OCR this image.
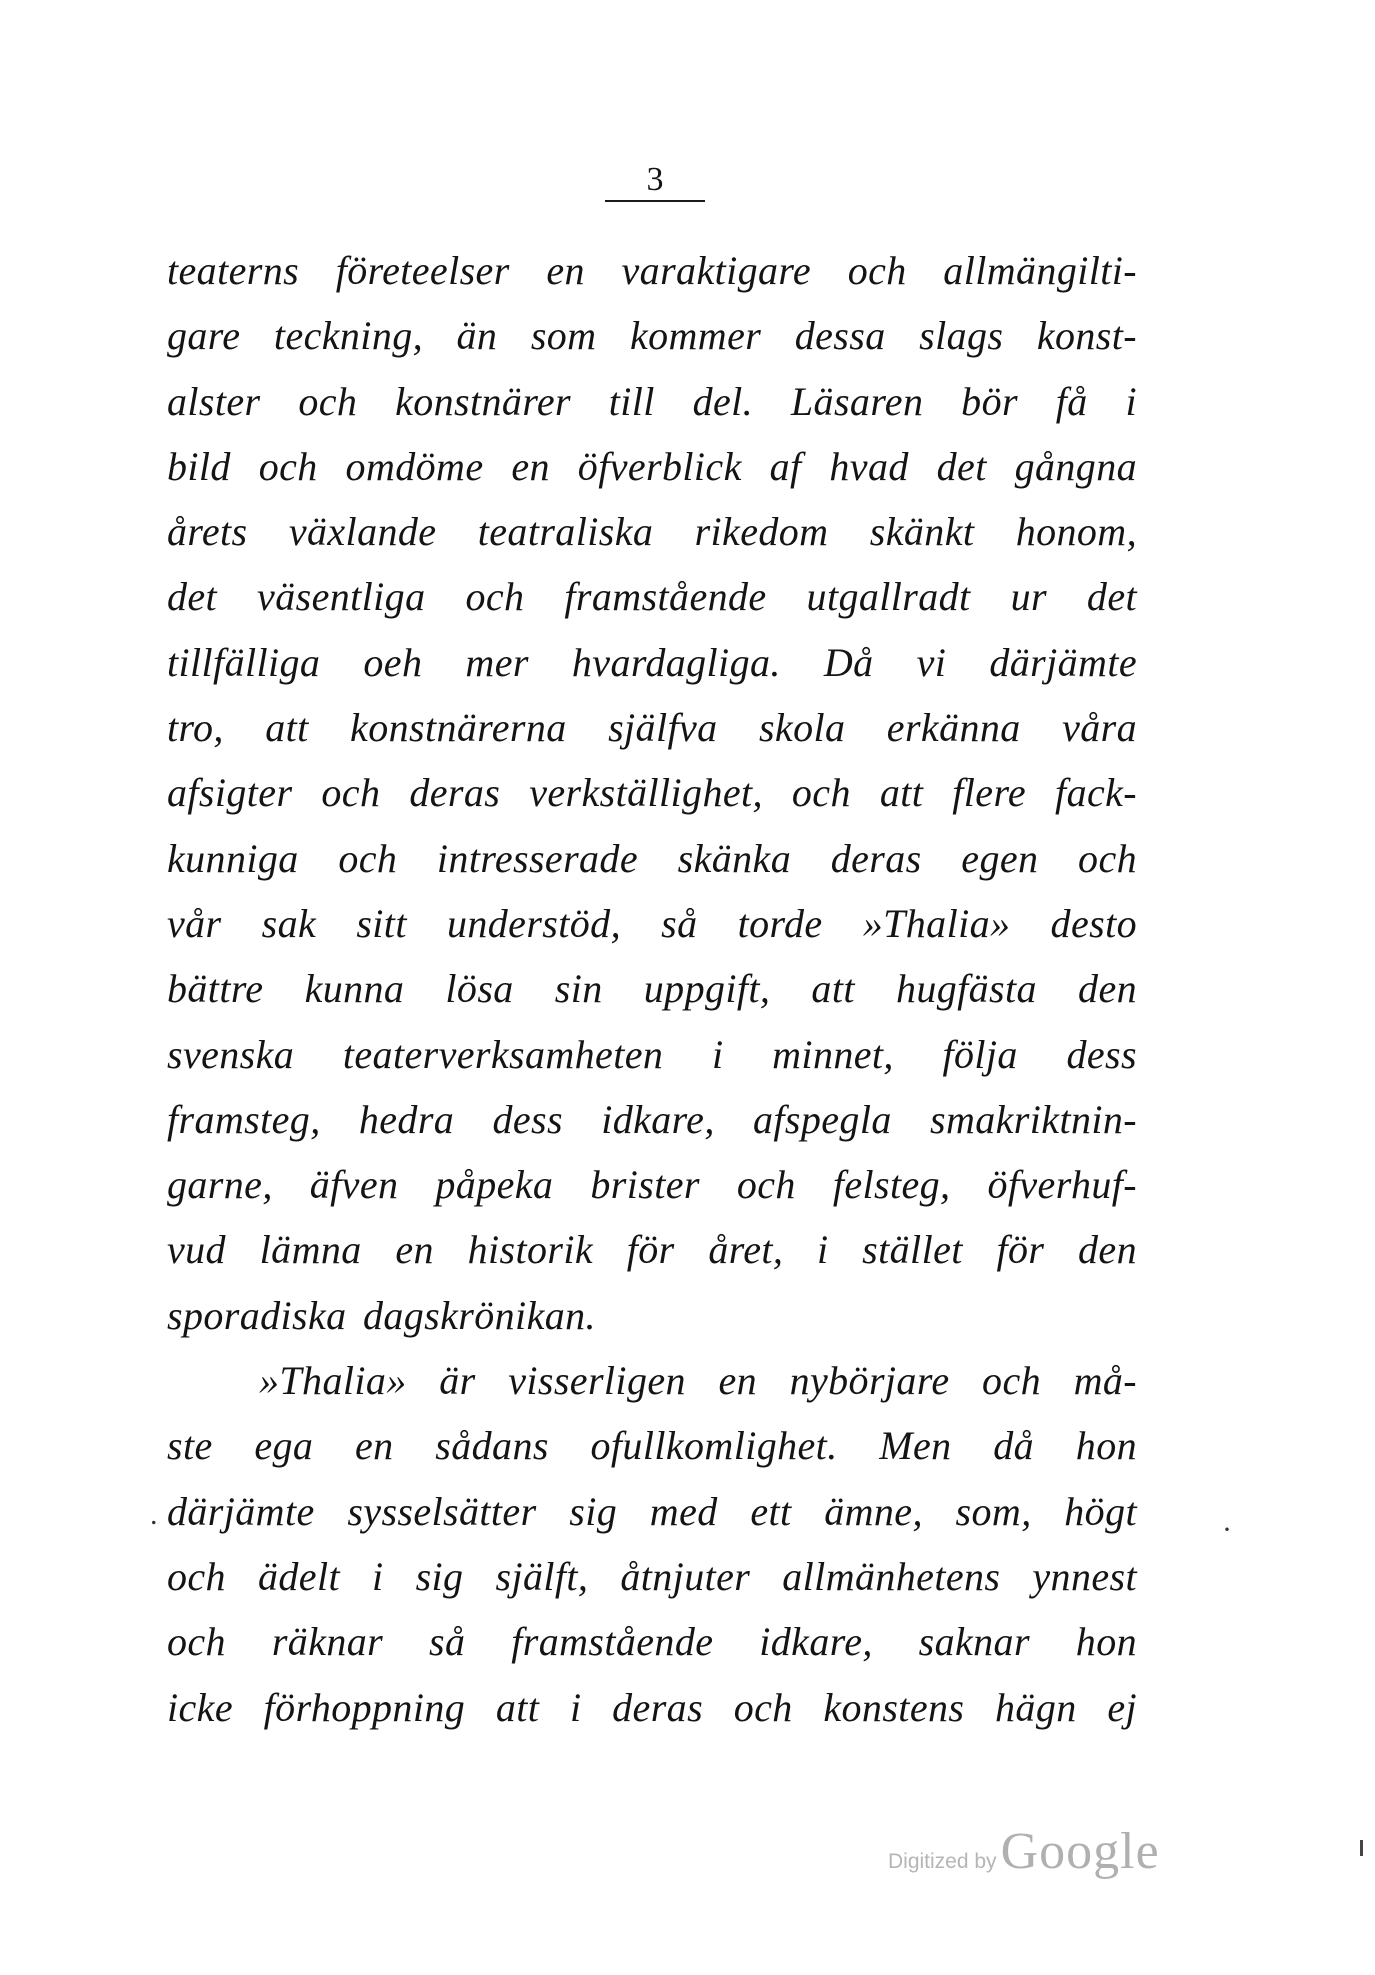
3
teaterns företeelser en varaktigare och allmängilti-
gare teckning, än som kommer dessa slags konst-
alster och konstnärer till del. Läsaren bör få i
bild och omdöme en öfverblick af hvad det gångna
årets växlande teatraliska rikedom skänkt honom,
det väsentliga och framstående utgallradt ur det
tillfälliga oeh mer hvardagliga. Då vi därjämte
tro, att konstnärerna själfva skola erkänna våra
afsigter och deras verkställighet, och att flere fack-
kunniga och intresserade skänka deras egen och
vår sak sitt understöd, så torde »Thalia» desto
bättre kunna lösa sin uppgift, att hugfästa den
svenska teaterverksamheten i minnet, följa dess
framsteg, hedra dess idkare, afspegla smakriktnin-
garne, äfven påpeka brister och felsteg, öfverhuf-
vud lämna en historik för året, i stället för den
sporadiska dagskrönikan.
»Thalia» är visserligen en nybörjare och må-
ste ega en sådans ofullkomlighet. Men då hon
därjämte sysselsätter sig med ett ämne, som, högt
och ädelt i sig själft, åtnjuter allmänhetens ynnest
och räknar så framstående idkare, saknar hon
icke förhoppning att i deras och konstens hägn ej
.	·
Digitized by Google
